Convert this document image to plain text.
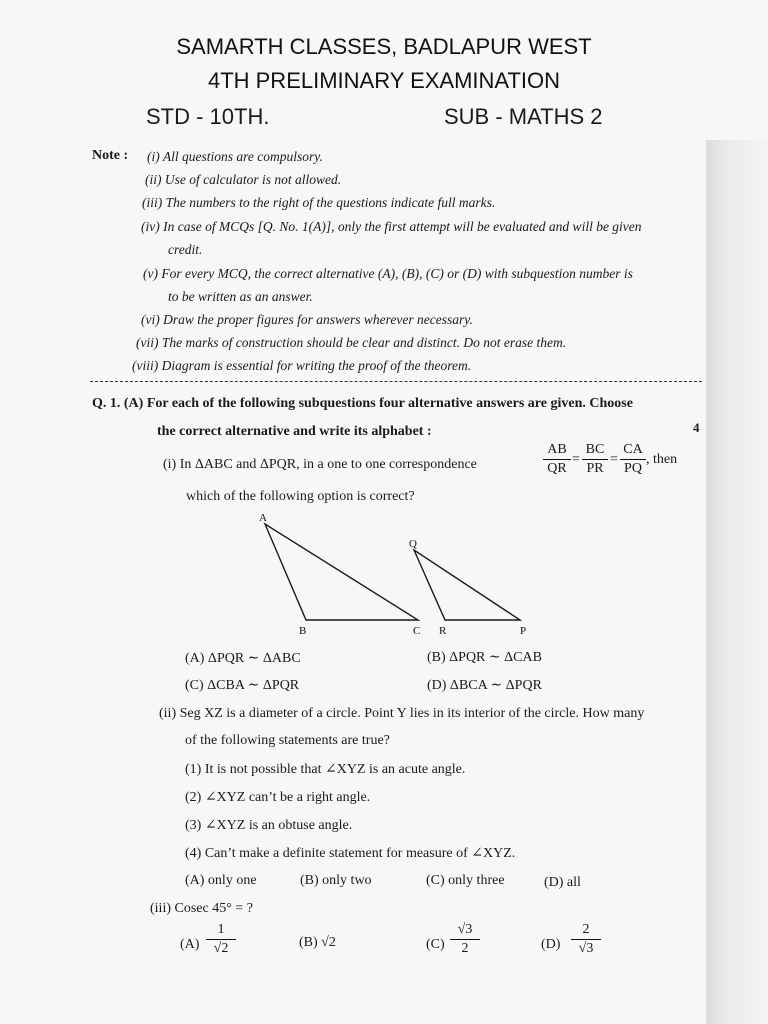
SAMARTH CLASSES, BADLAPUR WEST
4TH PRELIMINARY EXAMINATION
STD - 10TH.	SUB - MATHS 2
Note : (i) All questions are compulsory.
(ii) Use of calculator is not allowed.
(iii) The numbers to the right of the questions indicate full marks.
(iv) In case of MCQs [Q. No. 1(A)], only the first attempt will be evaluated and will be given
credit.
(v) For every MCQ, the correct alternative (A), (B), (C) or (D) with subquestion number is
to be written as an answer.
(vi) Draw the proper figures for answers wherever necessary.
(vii) The marks of construction should be clear and distinct. Do not erase them.
(viii) Diagram is essential for writing the proof of the theorem.
Q. 1. (A) For each of the following subquestions four alternative answers are given. Choose
the correct alternative and write its alphabet :	4
(i) In ΔABC and ΔPQR, in a one to one correspondence	$\frac{AB}{QR} = \frac{BC}{PR} = \frac{CA}{PQ}$ , then
which of the following option is correct?
A
B	C
Q
R	P
(A) ΔPQR ∼ ΔABC	(B) ΔPQR ∼ ΔCAB
(C) ΔCBA ∼ ΔPQR	(D) ΔBCA ∼ ΔPQR
(ii) Seg XZ is a diameter of a circle. Point Y lies in its interior of the circle. How many
of the following statements are true?
(1) It is not possible that ∠XYZ is an acute angle.
(2) ∠XYZ can’t be a right angle.
(3) ∠XYZ is an obtuse angle.
(4) Can’t make a definite statement for measure of ∠XYZ.
(A) only one	(B) only two	(C) only three	(D) all
(iii) Cosec 45° = ?
$(A) \frac{1}{√2}$	(B) √2	$(C) \frac{√3}{2}$	$(D) \frac{2}{√3}$
